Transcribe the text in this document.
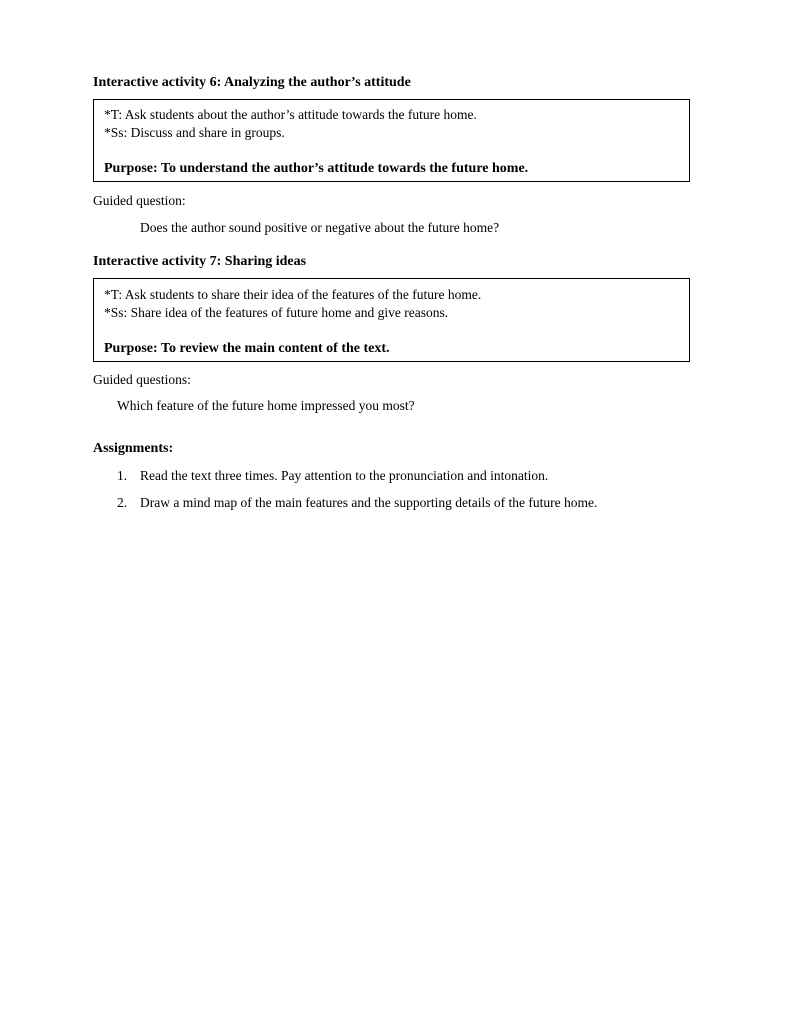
Interactive activity 6: Analyzing the author’s attitude

*T: Ask students about the author’s attitude towards the future home.
*Ss: Discuss and share in groups.
Purpose: To understand the author’s attitude towards the future home.

Guided question:

Does the author sound positive or negative about the future home?

Interactive activity 7: Sharing ideas

*T: Ask students to share their idea of the features of the future home.
*Ss: Share idea of the features of future home and give reasons.
Purpose: To review the main content of the text.

Guided questions:

Which feature of the future home impressed you most?

Assignments:

1. Read the text three times. Pay attention to the pronunciation and intonation.
2. Draw a mind map of the main features and the supporting details of the future home.
